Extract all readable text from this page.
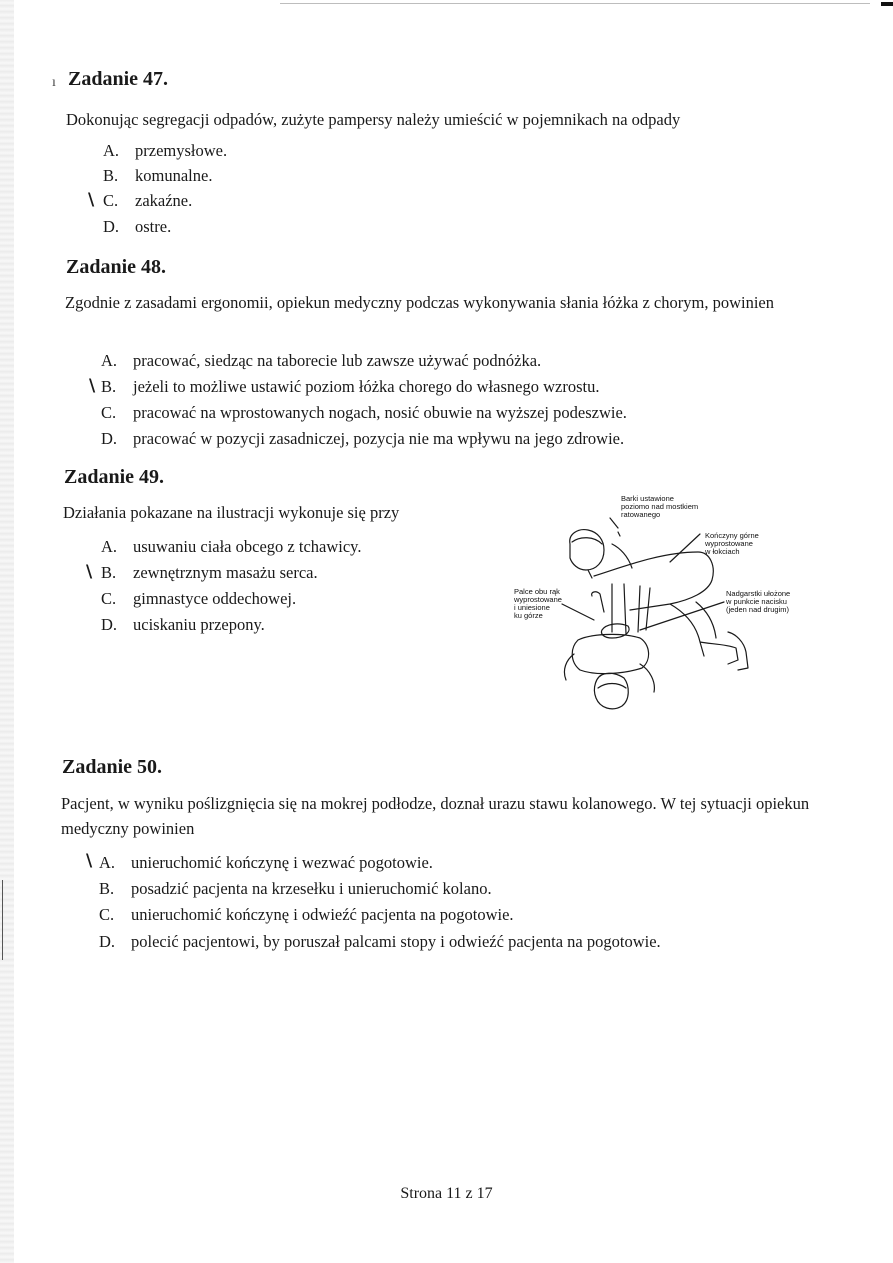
ı Zadanie 47.

Dokonując segregacji odpadów, zużyte pampersy należy umieścić w pojemnikach na odpady

A. przemysłowe.
B. komunalne.
\ C. zakaźne.
D. ostre.
Zadanie 48.

Zgodnie z zasadami ergonomii, opiekun medyczny podczas wykonywania słania łóżka z chorym, powinien

A. pracować, siedząc na taborecie lub zawsze używać podnóżka.
\ B. jeżeli to możliwe ustawić poziom łóżka chorego do własnego wzrostu.
C. pracować na wprostowanych nogach, nosić obuwie na wyższej podeszwie.
D. pracować w pozycji zasadniczej, pozycja nie ma wpływu na jego zdrowie.
Zadanie 49.

Działania pokazane na ilustracji wykonuje się przy

A. usuwaniu ciała obcego z tchawicy.
\ B. zewnętrznym masażu serca.
C. gimnastyce oddechowej.
D. uciskaniu przepony.
Barki ustawione
poziomo nad mostkiem
ratowanego
Kończyny górne
wyprostowane
w łokciach
Palce obu rąk
wyprostowane
i uniesione
ku górze
Nadgarstki ułożone
w punkcie nacisku
(jeden nad drugim)
Zadanie 50.

Pacjent, w wyniku poślizgnięcia się na mokrej podłodze, doznał urazu stawu kolanowego. W tej sytuacji opiekun medyczny powinien

\ A. unieruchomić kończynę i wezwać pogotowie.
B. posadzić pacjenta na krzesełku i unieruchomić kolano.
C. unieruchomić kończynę i odwieźć pacjenta na pogotowie.
D. polecić pacjentowi, by poruszał palcami stopy i odwieźć pacjenta na pogotowie.
Strona 11 z 17
